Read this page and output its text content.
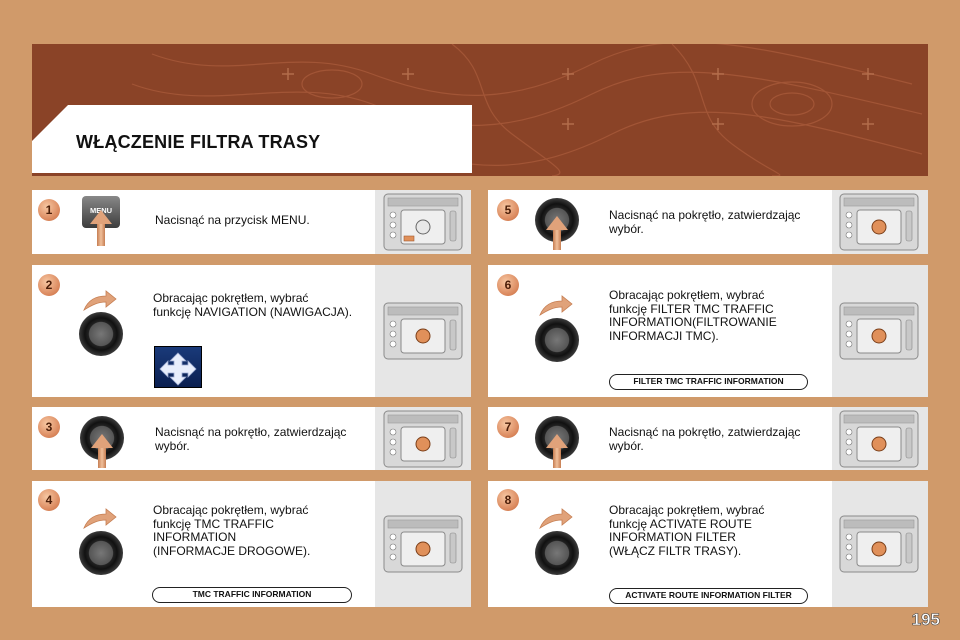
WŁĄCZENIE FILTRA TRASY
1	MENU
Nacisnąć na przycisk MENU.
2
Obracając pokrętłem, wybrać
funkcję NAVIGATION (NAWIGACJA).
3	Nacisnąć na pokrętło, zatwierdzając
wybór.
4
Obracając pokrętłem, wybrać
funkcję TMC TRAFFIC
INFORMATION
(INFORMACJE DROGOWE).
TMC TRAFFIC INFORMATION
5	Nacisnąć na pokrętło, zatwierdzając
wybór.
6
Obracając pokrętłem, wybrać
funkcję FILTER TMC TRAFFIC
INFORMATION(FILTROWANIE
INFORMACJI TMC).
FILTER TMC TRAFFIC INFORMATION
7	Nacisnąć na pokrętło, zatwierdzając
wybór.
8
Obracając pokrętłem, wybrać
funkcję ACTIVATE ROUTE
INFORMATION FILTER
(WŁĄCZ FILTR TRASY).
ACTIVATE ROUTE INFORMATION FILTER
195
